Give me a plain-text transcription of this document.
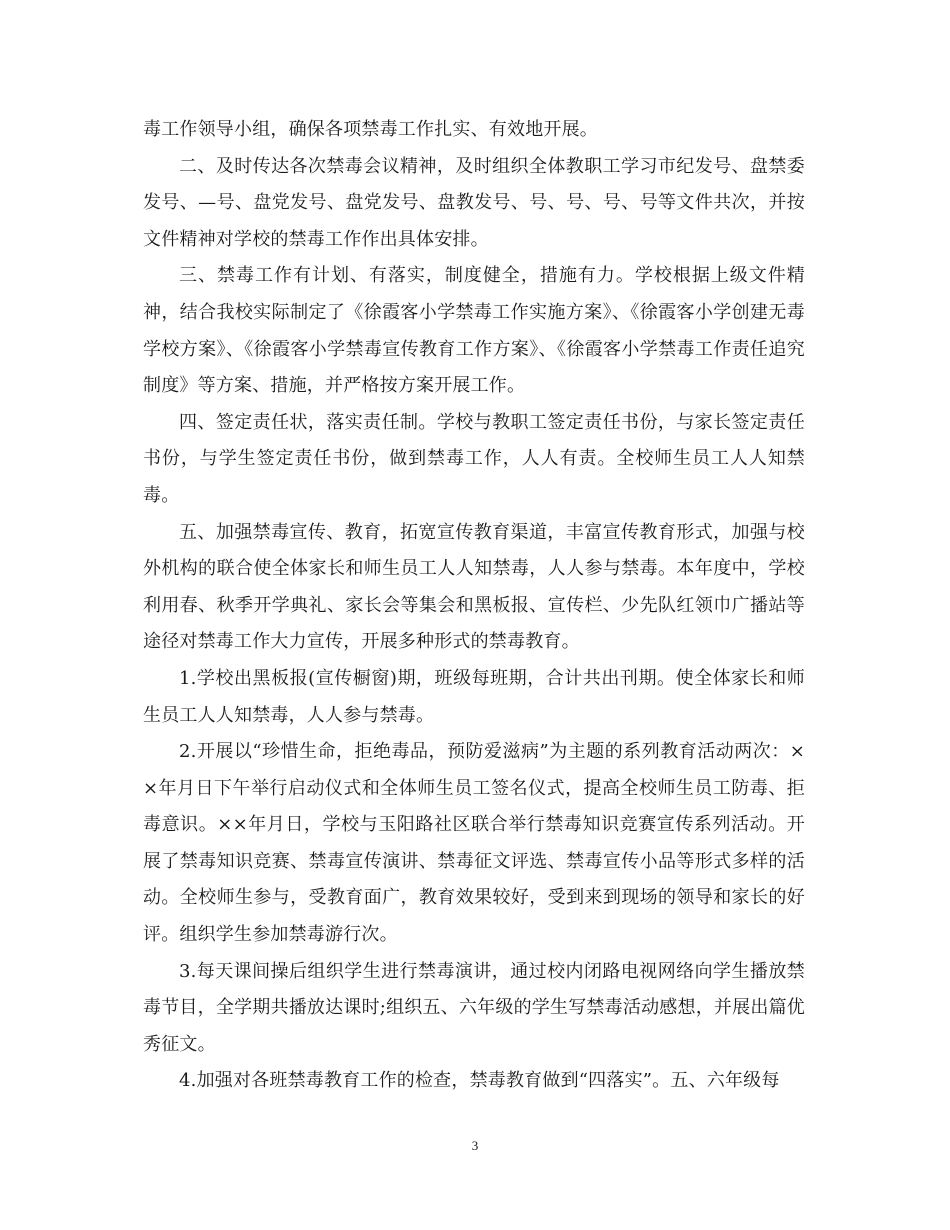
毒工作领导小组，确保各项禁毒工作扎实、有效地开展。

二、及时传达各次禁毒会议精神，及时组织全体教职工学习市纪发号、盘禁委发号、—号、盘党发号、盘党发号、盘教发号、号、号、号、号等文件共次，并按文件精神对学校的禁毒工作作出具体安排。

三、禁毒工作有计划、有落实，制度健全，措施有力。学校根据上级文件精神，结合我校实际制定了《徐霞客小学禁毒工作实施方案》、《徐霞客小学创建无毒学校方案》、《徐霞客小学禁毒宣传教育工作方案》、《徐霞客小学禁毒工作责任追究制度》等方案、措施，并严格按方案开展工作。

四、签定责任状，落实责任制。学校与教职工签定责任书份，与家长签定责任书份，与学生签定责任书份，做到禁毒工作，人人有责。全校师生员工人人知禁毒。

五、加强禁毒宣传、教育，拓宽宣传教育渠道，丰富宣传教育形式，加强与校外机构的联合使全体家长和师生员工人人知禁毒，人人参与禁毒。本年度中，学校利用春、秋季开学典礼、家长会等集会和黑板报、宣传栏、少先队红领巾广播站等途径对禁毒工作大力宣传，开展多种形式的禁毒教育。

1.学校出黑板报(宣传橱窗)期，班级每班期，合计共出刊期。使全体家长和师生员工人人知禁毒，人人参与禁毒。

2.开展以“珍惜生命，拒绝毒品，预防爱滋病”为主题的系列教育活动两次：××年月日下午举行启动仪式和全体师生员工签名仪式，提高全校师生员工防毒、拒毒意识。××年月日，学校与玉阳路社区联合举行禁毒知识竞赛宣传系列活动。开展了禁毒知识竞赛、禁毒宣传演讲、禁毒征文评选、禁毒宣传小品等形式多样的活动。全校师生参与，受教育面广，教育效果较好，受到来到现场的领导和家长的好评。组织学生参加禁毒游行次。

3.每天课间操后组织学生进行禁毒演讲，通过校内闭路电视网络向学生播放禁毒节目，全学期共播放达课时;组织五、六年级的学生写禁毒活动感想，并展出篇优秀征文。

4.加强对各班禁毒教育工作的检查，禁毒教育做到“四落实”。五、六年级每

3
